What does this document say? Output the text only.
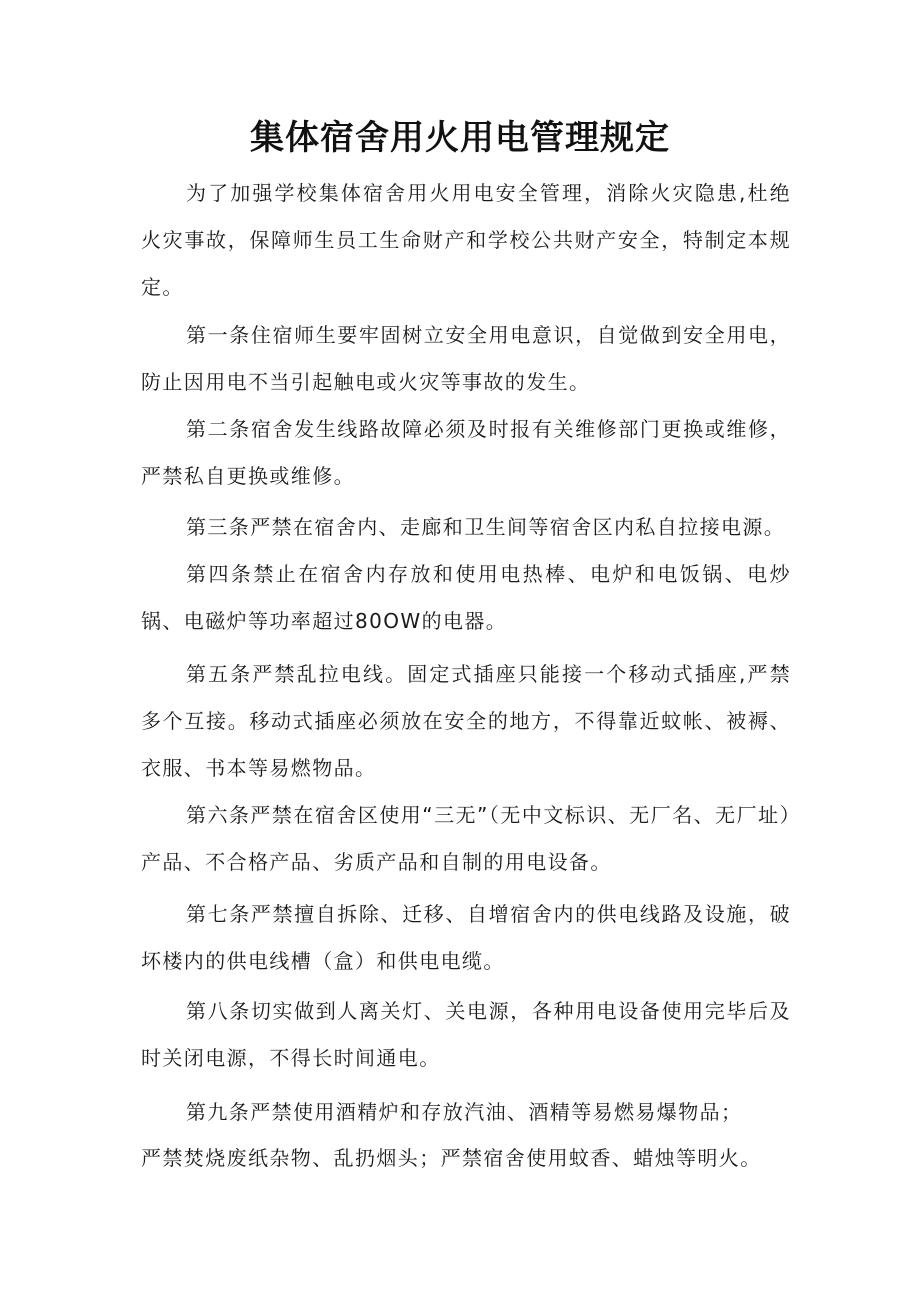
集体宿舍用火用电管理规定

为了加强学校集体宿舍用火用电安全管理，消除火灾隐患,杜绝火灾事故，保障师生员工生命财产和学校公共财产安全，特制定本规定。

第一条住宿师生要牢固树立安全用电意识，自觉做到安全用电，防止因用电不当引起触电或火灾等事故的发生。

第二条宿舍发生线路故障必须及时报有关维修部门更换或维修，严禁私自更换或维修。

第三条严禁在宿舍内、走廊和卫生间等宿舍区内私自拉接电源。

第四条禁止在宿舍内存放和使用电热棒、电炉和电饭锅、电炒锅、电磁炉等功率超过80OW的电器。

第五条严禁乱拉电线。固定式插座只能接一个移动式插座,严禁多个互接。移动式插座必须放在安全的地方，不得靠近蚊帐、被褥、衣服、书本等易燃物品。

第六条严禁在宿舍区使用“三无”（无中文标识、无厂名、无厂址）产品、不合格产品、劣质产品和自制的用电设备。

第七条严禁擅自拆除、迁移、自增宿舍内的供电线路及设施，破坏楼内的供电线槽（盒）和供电电缆。

第八条切实做到人离关灯、关电源，各种用电设备使用完毕后及时关闭电源，不得长时间通电。

第九条严禁使用酒精炉和存放汽油、酒精等易燃易爆物品；
严禁焚烧废纸杂物、乱扔烟头；严禁宿舍使用蚊香、蜡烛等明火。
